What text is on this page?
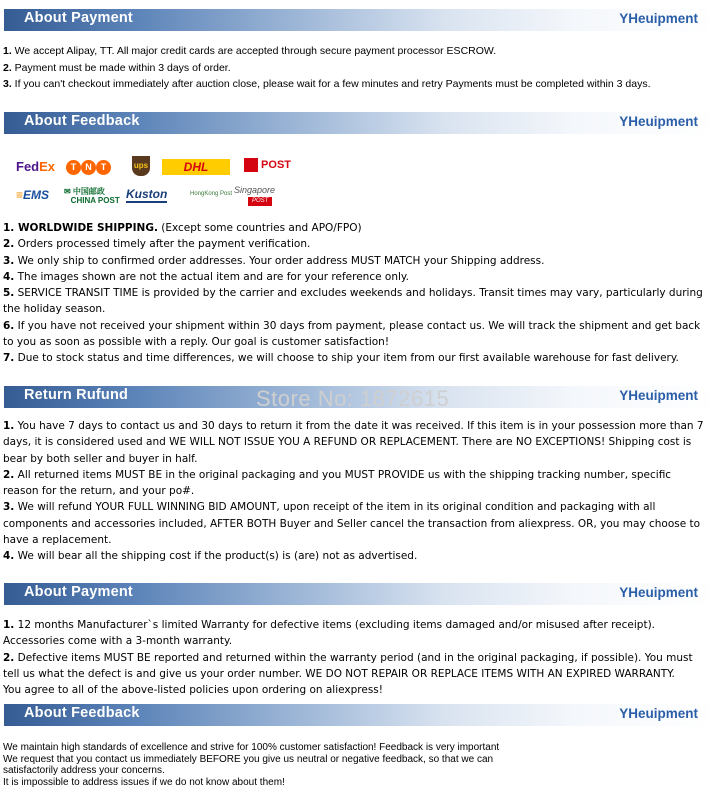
About Payment	YHeuipment
About Feedback	YHeuipment
Return Rufund	YHeuipment
About Payment	YHeuipment
About Feedback	YHeuipment
Store No: 1872615
1. We accept Alipay, TT. All major credit cards are accepted through secure payment processor ESCROW.
2. Payment must be made within 3 days of order.
3. If you can't checkout immediately after auction close, please wait for a few minutes and retry Payments must be completed within 3 days.
FedEx	T N T	ups	DHL	POST
≡EMS ✉ 中国邮政
CHINA POST Kuston	HongKong Post Singapore
POST
1. WORLDWIDE SHIPPING. (Except some countries and APO/FPO)
2. Orders processed timely after the payment verification.
3. We only ship to confirmed order addresses. Your order address MUST MATCH your Shipping address.
4. The images shown are not the actual item and are for your reference only.
5. SERVICE TRANSIT TIME is provided by the carrier and excludes weekends and holidays. Transit times may vary, particularly during
the holiday season.
6. If you have not received your shipment within 30 days from payment, please contact us. We will track the shipment and get back
to you as soon as possible with a reply. Our goal is customer satisfaction!
7. Due to stock status and time differences, we will choose to ship your item from our first available warehouse for fast delivery.
1. You have 7 days to contact us and 30 days to return it from the date it was received. If this item is in your possession more than 7
days, it is considered used and WE WILL NOT ISSUE YOU A REFUND OR REPLACEMENT. There are NO EXCEPTIONS! Shipping cost is
bear by both seller and buyer in half.
2. All returned items MUST BE in the original packaging and you MUST PROVIDE us with the shipping tracking number, specific
reason for the return, and your po#.
3. We will refund YOUR FULL WINNING BID AMOUNT, upon receipt of the item in its original condition and packaging with all
components and accessories included, AFTER BOTH Buyer and Seller cancel the transaction from aliexpress. OR, you may choose to
have a replacement.
4. We will bear all the shipping cost if the product(s) is (are) not as advertised.
1. 12 months Manufacturer`s limited Warranty for defective items (excluding items damaged and/or misused after receipt).
Accessories come with a 3-month warranty.
2. Defective items MUST BE reported and returned within the warranty period (and in the original packaging, if possible). You must
tell us what the defect is and give us your order number. WE DO NOT REPAIR OR REPLACE ITEMS WITH AN EXPIRED WARRANTY.
You agree to all of the above-listed policies upon ordering on aliexpress!
We maintain high standards of excellence and strive for 100% customer satisfaction! Feedback is very important
We request that you contact us immediately BEFORE you give us neutral or negative feedback, so that we can
satisfactorily address your concerns.
It is impossible to address issues if we do not know about them!
